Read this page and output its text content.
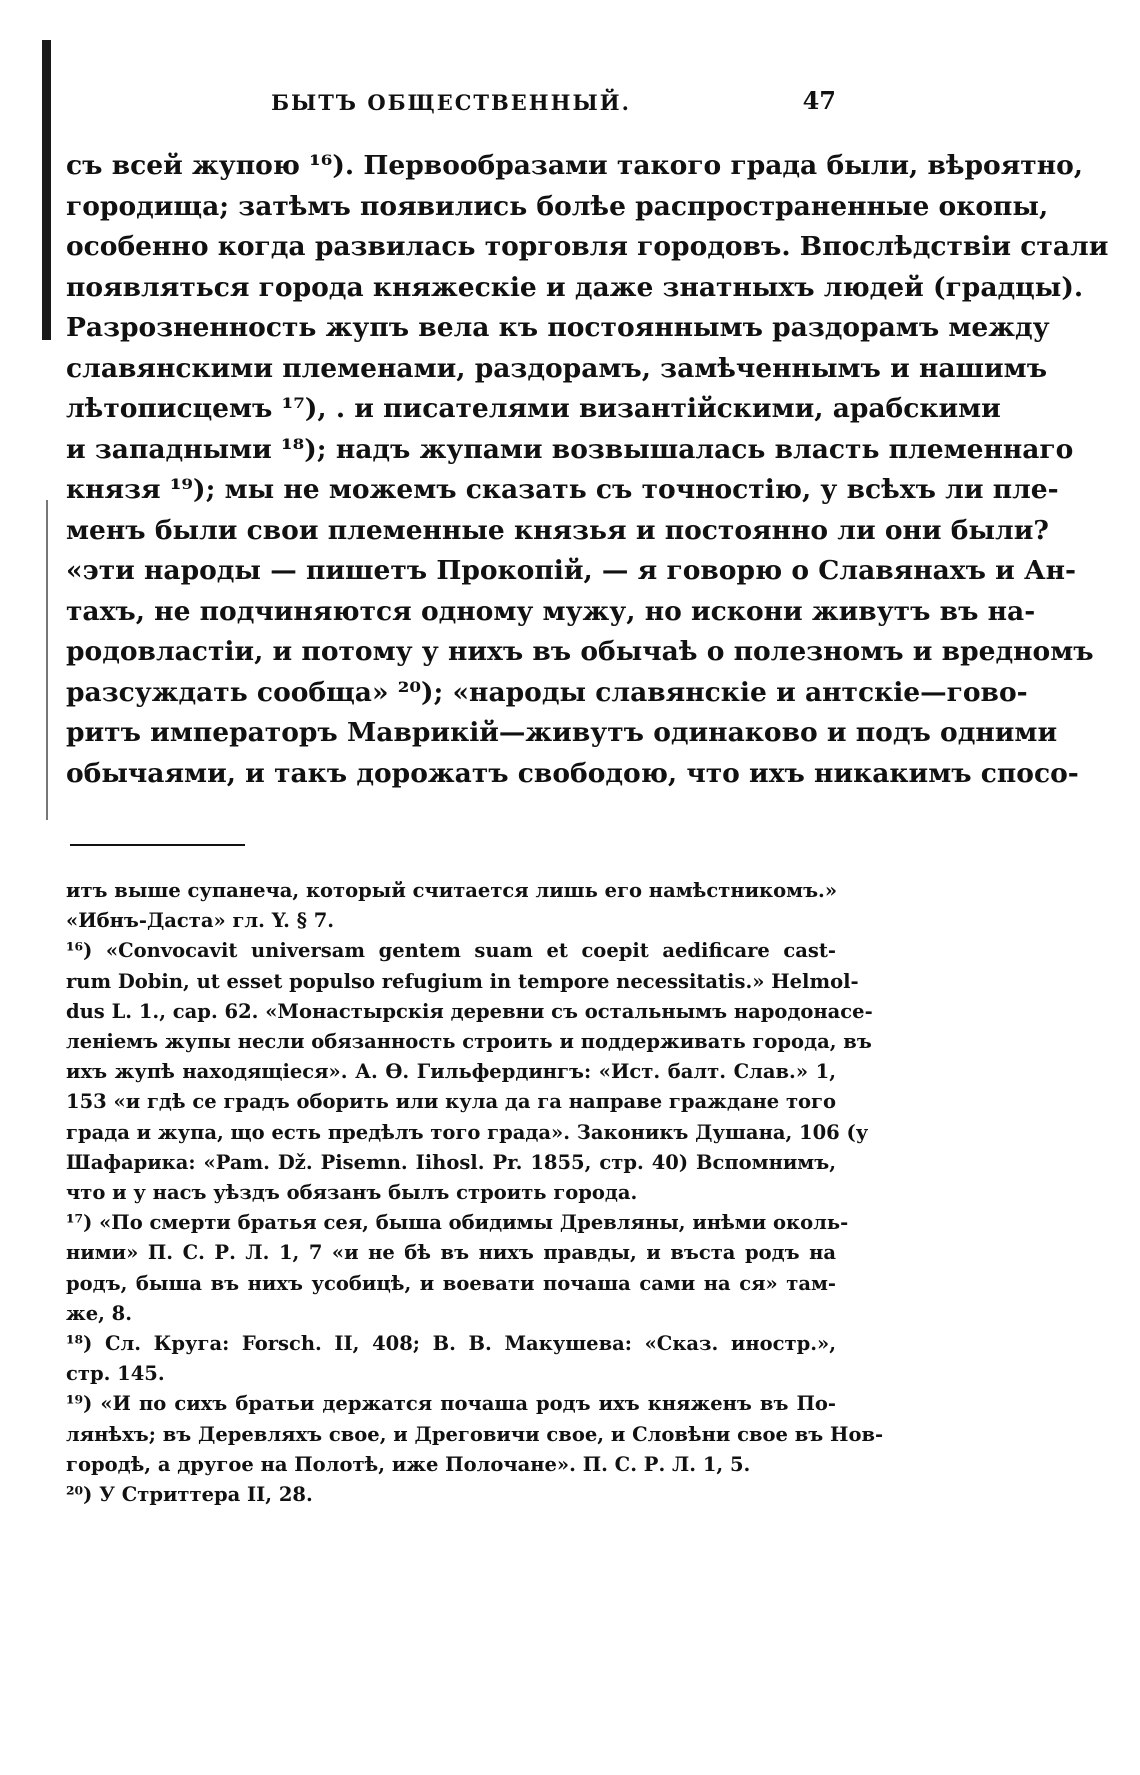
БЫТЪ ОБЩЕСТВЕННЫЙ.	47
съ всей жупою ¹⁶). Первообразами такого града были, вѣроятно,
городища; затѣмъ появились болѣе распространенные окопы,
особенно когда развилась торговля городовъ. Впослѣдствіи стали
появляться города княжескіе и даже знатныхъ людей (градцы).
Разрозненность жупъ вела къ постояннымъ раздорамъ между
славянскими племенами, раздорамъ, замѣченнымъ и нашимъ
лѣтописцемъ ¹⁷), . и писателями византійскими, арабскими
и западными ¹⁸); надъ жупами возвышалась власть племеннаго
князя ¹⁹); мы не можемъ сказать съ точностію, у всѣхъ ли пле-
менъ были свои племенные князья и постоянно ли они были?
«эти народы — пишетъ Прокопій, — я говорю о Славянахъ и Ан-
тахъ, не подчиняются одному мужу, но искони живутъ въ на-
родовластіи, и потому у нихъ въ обычаѣ о полезномъ и вредномъ
разсуждать сообща» ²⁰); «народы славянскіе и антскіе—гово-
ритъ императоръ Маврикій—живутъ одинаково и подъ одними
обычаями, и такъ дорожатъ свободою, что ихъ никакимъ спосо-
итъ выше супанеча, который считается лишь его намѣстникомъ.»
«Ибнъ-Даста» гл. Y. § 7.
¹⁶) «Convocavit universam gentem suam et coepit aedificare cast-
rum Dobin, ut esset populso refugium in tempore necessitatis.» Helmol-
dus L. 1., cap. 62. «Монастырскія деревни съ остальнымъ народонасе-
леніемъ жупы несли обязанность строить и поддерживать города, въ
ихъ жупѣ находящіеся». А. Ѳ. Гильфердингъ: «Ист. балт. Слав.» 1,
153 «и гдѣ се градъ оборить или кула да га направе граждане того
града и жупа, що есть предѣлъ того града». Законикъ Душана, 106 (у
Шафарика: «Pam. Dž. Pisemn. Iihosl. Pr. 1855, стр. 40) Вспомнимъ,
что и у насъ уѣздъ обязанъ былъ строить города.
¹⁷) «По смерти братья сея, быша обидимы Древляны, инѣми околь-
ними» П. С. Р. Л. 1, 7 «и не бѣ въ нихъ правды, и въста родъ на
родъ, быша въ нихъ усобицѣ, и воевати почаша сами на ся» там-
же, 8.
¹⁸) Сл. Круга: Forsch. II, 408; В. В. Макушева: «Сказ. иностр.»,
стр. 145.
¹⁹) «И по сихъ братьи держатся почаша родъ ихъ княженъ въ По-
лянѣхъ; въ Деревляхъ свое, и Дреговичи свое, и Словѣни свое въ Нов-
городѣ, а другое на Полотѣ, иже Полочане». П. С. Р. Л. 1, 5.
²⁰) У Стриттера II, 28.
